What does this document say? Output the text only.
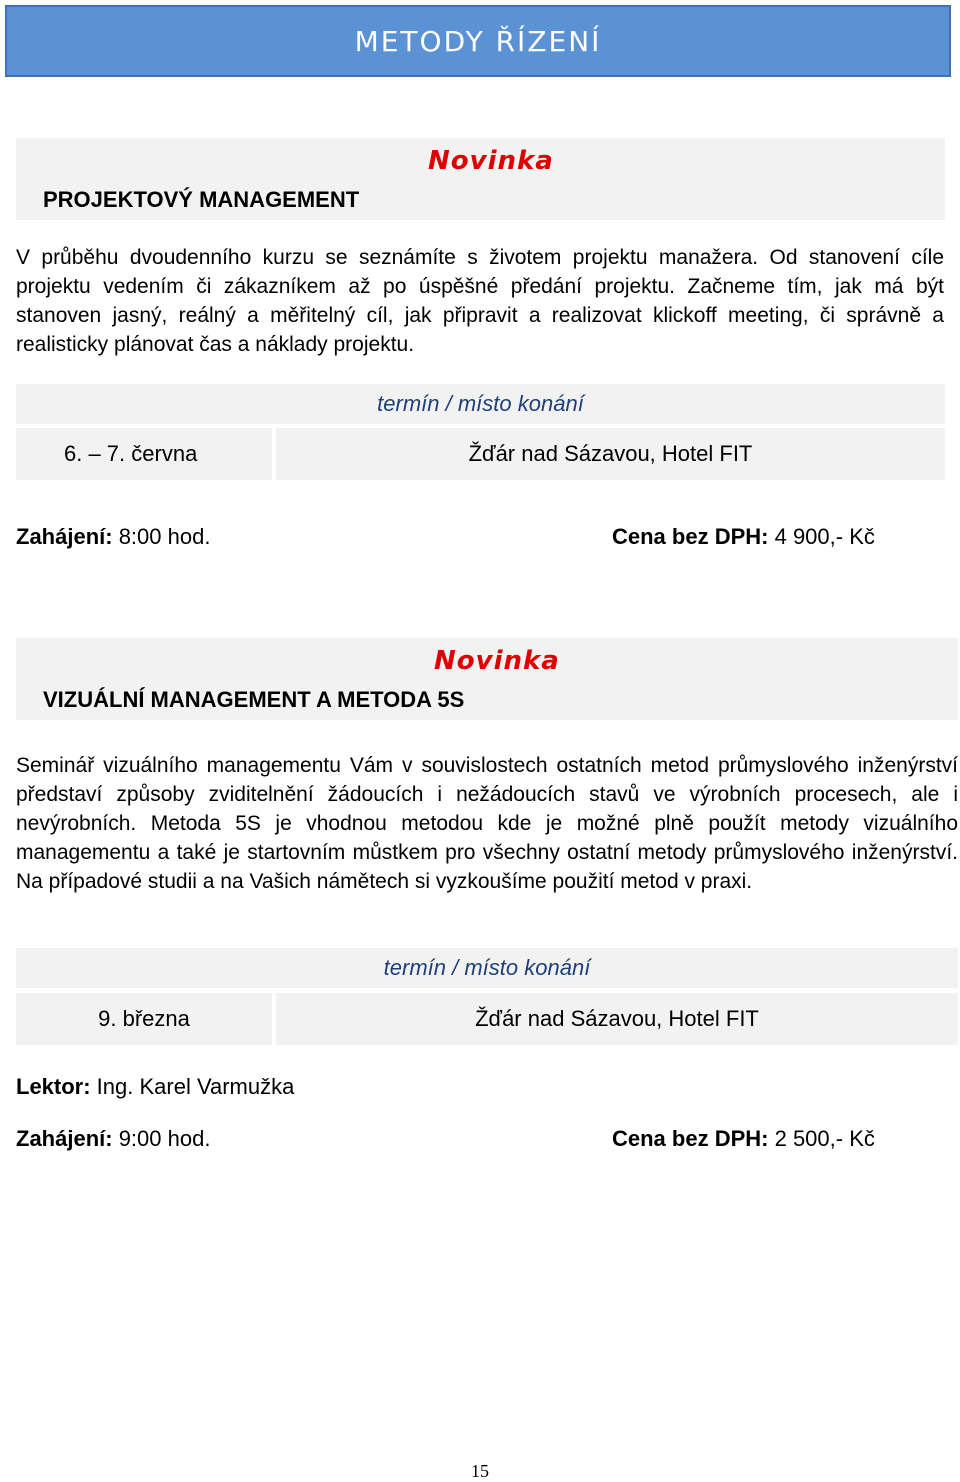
METODY ŘÍZENÍ
Novinka
PROJEKTOVÝ MANAGEMENT
V průběhu dvoudenního kurzu se seznámíte s životem projektu manažera. Od stanovení cíle projektu vedením či zákazníkem až po úspěšné předání projektu. Začneme tím, jak má být stanoven jasný, reálný a měřitelný cíl, jak připravit a realizovat klickoff meeting, či správně a realisticky plánovat čas a náklady projektu.
termín / místo konání
6. – 7. června	Žďár nad Sázavou, Hotel FIT
Zahájení: 8:00 hod.	Cena bez DPH: 4 900,- Kč
Novinka
VIZUÁLNÍ MANAGEMENT A METODA 5S
Seminář vizuálního managementu Vám v souvislostech ostatních metod průmyslového inženýrství představí způsoby zviditelnění žádoucích i nežádoucích stavů ve výrobních procesech, ale i nevýrobních. Metoda 5S je vhodnou metodou kde je možné plně použít metody vizuálního managementu a také je startovním můstkem pro všechny ostatní metody průmyslového inženýrství. Na případové studii a na Vašich námětech si vyzkoušíme použití metod v praxi.
termín / místo konání
9. března	Žďár nad Sázavou, Hotel FIT
Lektor: Ing. Karel Varmužka
Zahájení: 9:00 hod.	Cena bez DPH: 2 500,- Kč
15
